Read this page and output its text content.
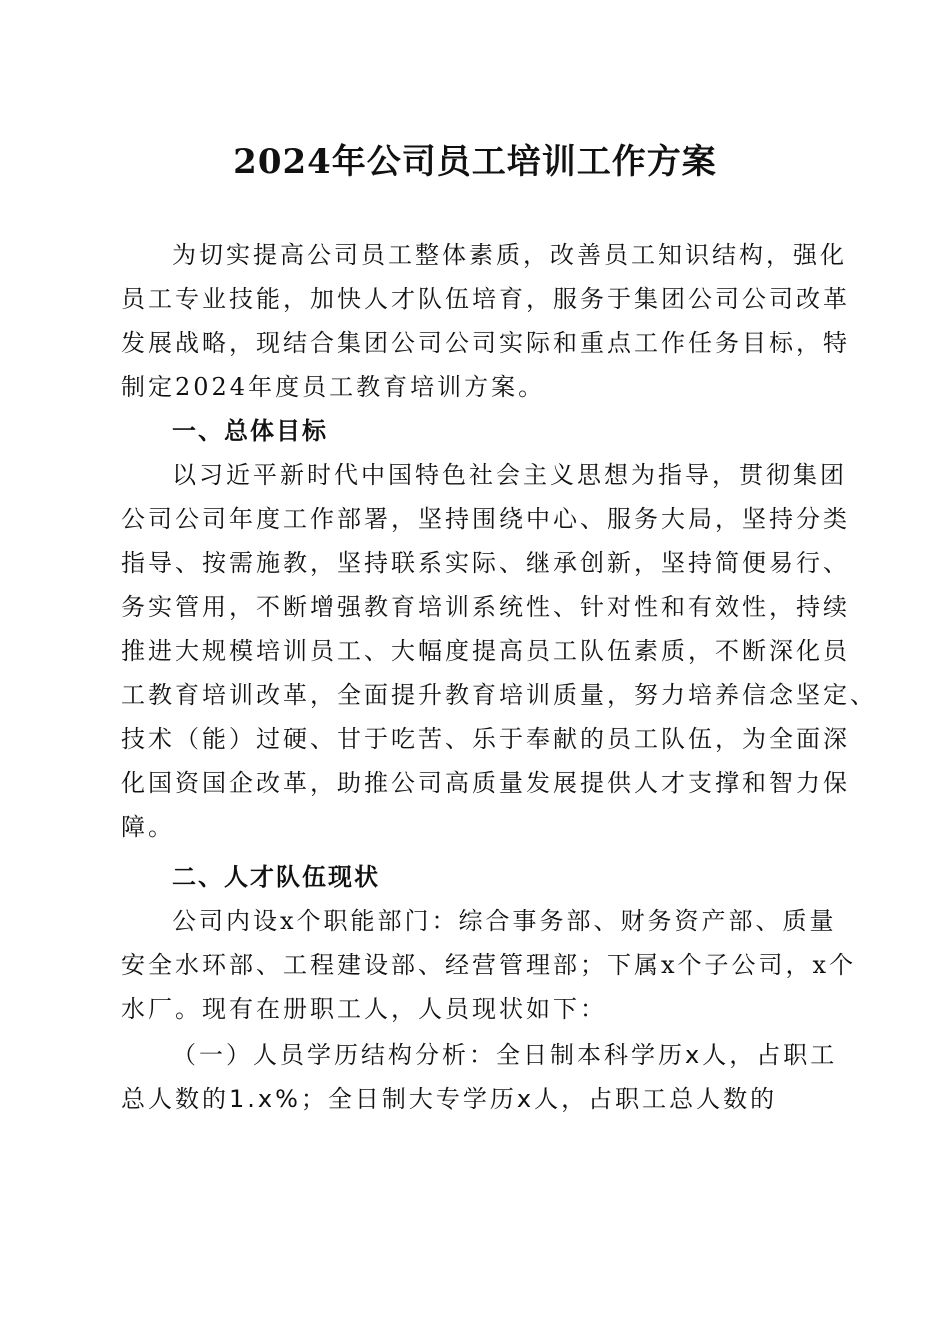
2024年公司员工培训工作方案
为切实提高公司员工整体素质，改善员工知识结构，强化
员工专业技能，加快人才队伍培育，服务于集团公司公司改革
发展战略，现结合集团公司公司实际和重点工作任务目标，特
制定2024年度员工教育培训方案。
一、总体目标
以习近平新时代中国特色社会主义思想为指导，贯彻集团
公司公司年度工作部署，坚持围绕中心、服务大局，坚持分类
指导、按需施教，坚持联系实际、继承创新，坚持简便易行、
务实管用，不断增强教育培训系统性、针对性和有效性，持续
推进大规模培训员工、大幅度提高员工队伍素质，不断深化员
工教育培训改革，全面提升教育培训质量，努力培养信念坚定、
技术（能）过硬、甘于吃苦、乐于奉献的员工队伍，为全面深
化国资国企改革，助推公司高质量发展提供人才支撑和智力保
障。
二、人才队伍现状
公司内设x个职能部门：综合事务部、财务资产部、质量
安全水环部、工程建设部、经营管理部；下属x个子公司，x个
水厂。现有在册职工人，人员现状如下：
（一）人员学历结构分析：全日制本科学历x人，占职工
总人数的1.x%；全日制大专学历x人，占职工总人数的
